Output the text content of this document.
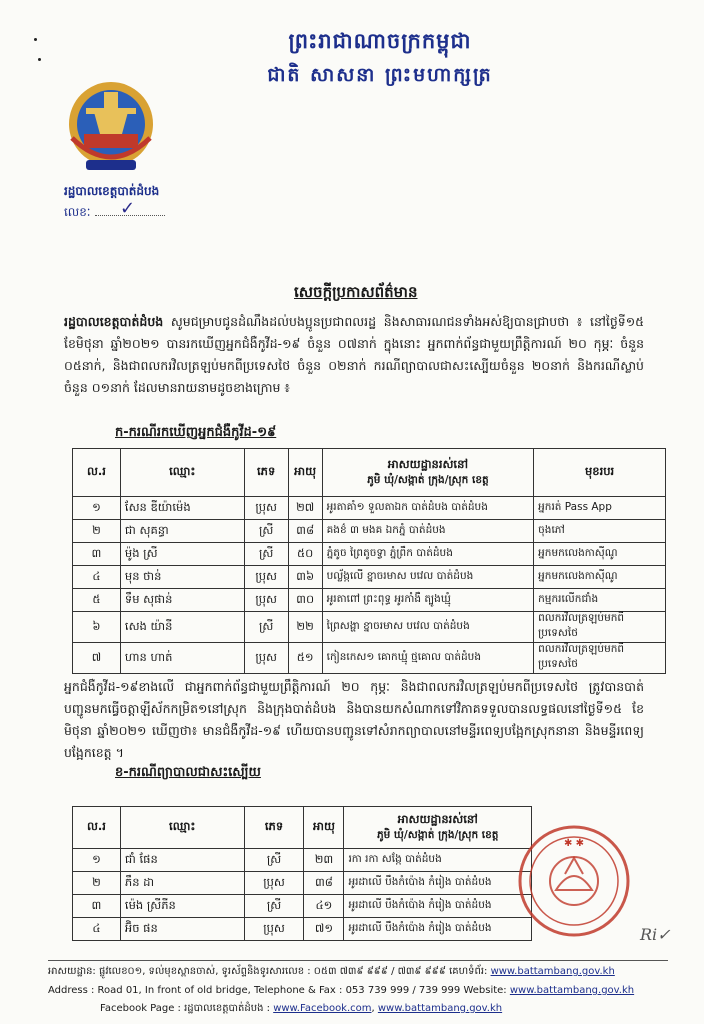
ព្រះរាជាណាចក្រកម្ពុជា
ជាតិ សាសនា ព្រះមហាក្សត្រ
រដ្ឋបាលខេត្តបាត់ដំបង
លេខៈ	✓
សេចក្ដីប្រកាសព័ត៌មាន
រដ្ឋបាលខេត្តបាត់ដំបង សូមជម្រាបជូនដំណឹងដល់បងប្អូនប្រជាពលរដ្ឋ និងសាធារណជនទាំងអស់ឱ្យបានជ្រាបថា ៖ នៅថ្ងៃទី១៥ ខែមិថុនា ឆ្នាំ២០២១ បានរកឃើញអ្នកជំងឺកូវីដ-១៩ ចំនួន ០៧នាក់ ក្នុងនោះ អ្នកពាក់ព័ន្ធជាមួយព្រឹត្តិការណ៍ ២០ កុម្ភៈ ចំនួន ០៥នាក់, និងជាពលករវិលត្រឡប់មកពីប្រទេសថៃ ចំនួន ០២នាក់ ករណីព្យាបាលជាសះស្បើយចំនួន ២០នាក់ និងករណីស្លាប់ ចំនួន ០១នាក់ ដែលមានរាយនាមដូចខាងក្រោម ៖
ក-ករណីរកឃើញអ្នកជំងឺកូវីដ-១៩
ល.រ	ឈ្មោះ	ភេទ	អាយុ	អាសយដ្ឋានរស់នៅ
ភូមិ ឃុំ/សង្កាត់ ក្រុង/ស្រុក ខេត្ត	មុខរបរ
១	សែន ឌីយ៉ាម៉េង	ប្រុស	២៧	អូរតាគាំ១ ទួលតាឯក បាត់ដំបង បាត់ដំបង	អ្នករត់ Pass App
២	ជា សុគន្ធា	ស្រី	៣៨	គងខ៌ ៣ មងគ ឯកភ្នំ បាត់ដំបង	ចុងភៅ
៣	ម៉ូង ស្រី	ស្រី	៥០	ភ្នំតូច ព្រៃតូចទ្វា ភ្នំព្រឹក បាត់ដំបង	អ្នកមកលេងកាស៊ីណូ
៤	មុន ថាន់	ប្រុស	៣៦	បល្ល័ង្កលើ ខ្នាចរមាស បវេល បាត់ដំបង	អ្នកមកលេងកាស៊ីណូ
៥	ទឹម សុផាន់	ប្រុស	៣០	អូរតាពៅ ព្រះពុទ្ធ អូរកាំងឺ ត្បូងឃ្មុំ	កម្មករលើកជាំង
៦	សេង យ៉ានី	ស្រី	២២	ព្រៃសង្ហា ខ្នាចរមាស បវេល បាត់ដំបង	ពលករវិលត្រឡប់មកពីប្រទេសថៃ
៧	ហាន ហាត់	ប្រុស	៥១	កៀនកេស១ គោកឃ្មុំ ថ្មគោល បាត់ដំបង	ពលករវិលត្រឡប់មកពីប្រទេសថៃ
អ្នកជំងឺកូវីដ-១៩ខាងលើ ជាអ្នកពាក់ព័ន្ធជាមួយព្រឹត្តិការណ៍ ២០ កុម្ភៈ និងជាពលករវិលត្រឡប់មកពីប្រទេសថៃ ត្រូវបានបាត់បញ្ជូនមកធ្វើចត្តាឡីស័កកម្រិត១នៅស្រុក និងក្រុងបាត់ដំបង និងបានយកសំណាកទៅវិភាគទទួលបានលទ្ធផលនៅថ្ងៃទី១៥ ខែមិថុនា ឆ្នាំ២០២១ ឃើញថា៖ មានជំងឺកូវីដ-១៩ ហើយបានបញ្ជូនទៅសំរាកព្យាបាលនៅមន្ទីរពេទ្យបង្អែកស្រុកនានា និងមន្ទីរពេទ្យបង្អែកខេត្ត ។
ខ-ករណីព្យាបាលជាសះស្បើយ
ល.រ	ឈ្មោះ	ភេទ	អាយុ	អាសយដ្ឋានរស់នៅ
ភូមិ ឃុំ/សង្កាត់ ក្រុង/ស្រុក ខេត្ត

១	ជាំ ផែន	ស្រី	២៣	រកា រកា សង្កែ បាត់ដំបង
២	ភឹន ដា	ប្រុស	៣៨	អូរដាលើ បឹងកំប៉ោង កំរៀង បាត់ដំបង
៣	ម៉េង ស្រីភីន	ស្រី	៤១	អូរដាលើ បឹងកំប៉ោង កំរៀង បាត់ដំបង
៤	អ៊ិច ផន	ប្រុស	៧១	អូរដាលើ បឹងកំប៉ោង កំរៀង បាត់ដំបង
✱ ✱
Ri✓
អាសយដ្ឋាន: ផ្លូវលេខ០១, ទល់មុខស្ពានចាស់, ទូរស័ព្ទនិងទូរសារលេខ : ០៥៣ ៧៣៩ ៩៩៩ / ៧៣៩ ៩៩៩ គេហទំព័រ: www.battambang.gov.kh
Address : Road 01, In front of old bridge, Telephone & Fax : 053 739 999 / 739 999 Website: www.battambang.gov.kh
Facebook Page : រដ្ឋបាលខេត្តបាត់ដំបង : www.Facebook.com, www.battambang.gov.kh
